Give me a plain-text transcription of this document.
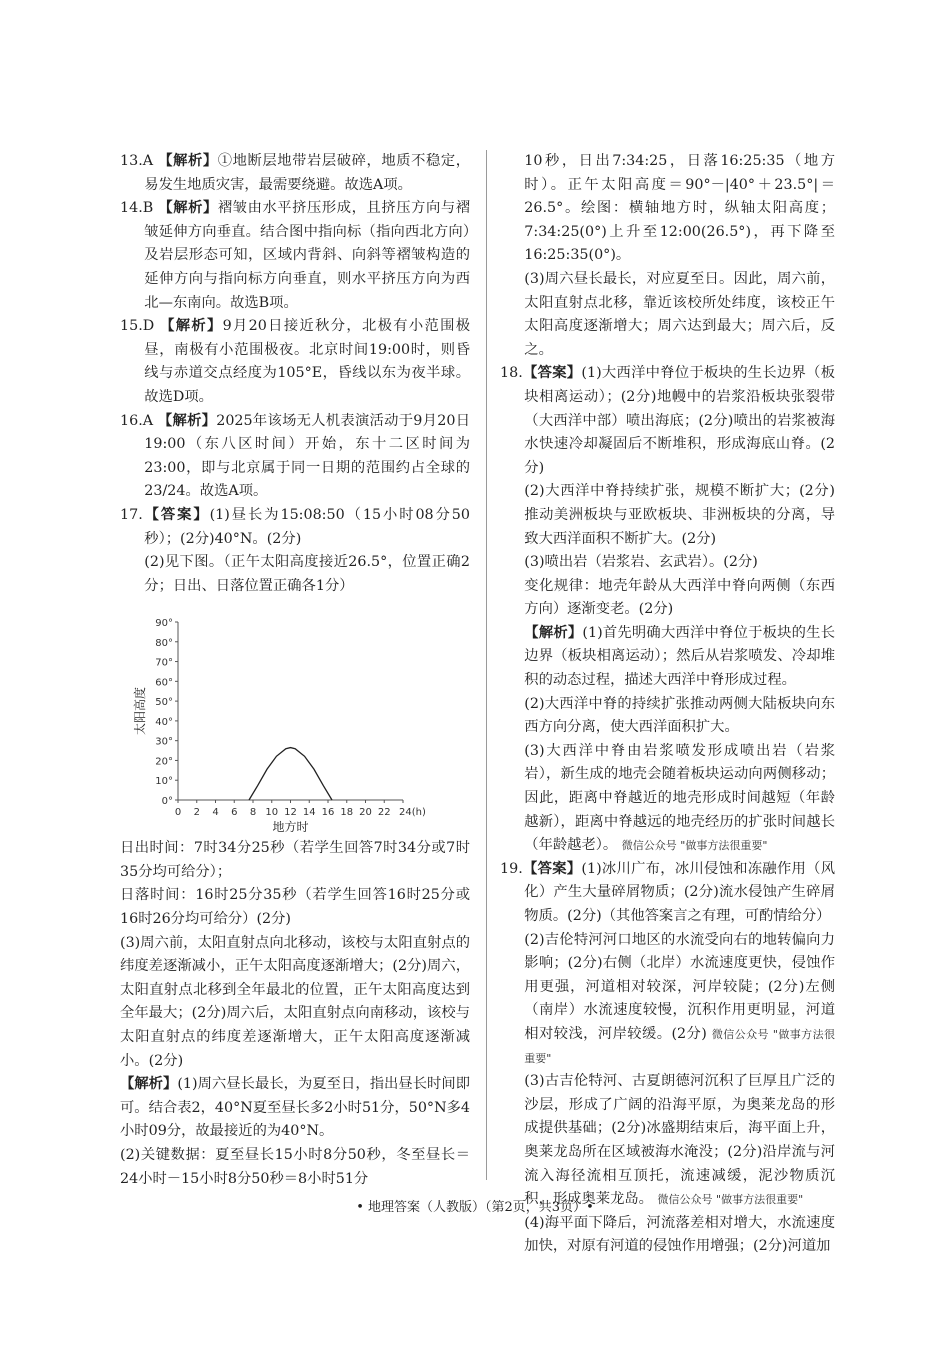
13.A 【解析】①地断层地带岩层破碎，地质不稳定，易发生地质灾害，最需要绕避。故选A项。

14.B 【解析】褶皱由水平挤压形成，且挤压方向与褶皱延伸方向垂直。结合图中指向标（指向西北方向）及岩层形态可知，区域内背斜、向斜等褶皱构造的延伸方向与指向标方向垂直，则水平挤压方向为西北—东南向。故选B项。

15.D 【解析】9月20日接近秋分，北极有小范围极昼，南极有小范围极夜。北京时间19:00时，则昏线与赤道交点经度为105°E，昏线以东为夜半球。故选D项。

16.A 【解析】2025年该场无人机表演活动于9月20日19:00（东八区时间）开始，东十二区时间为23:00，即与北京属于同一日期的范围约占全球的23/24。故选A项。

17.【答案】(1)昼长为15:08:50（15小时08分50秒）；(2分)40°N。(2分)

(2)见下图。（正午太阳高度接近26.5°，位置正确2分；日出、日落位置正确各1分）

0°
10°
20°
30°
40°
50°
60°
70°
80°
90°
0 2 4 6 8 10 12 14 16 18 20 22 24(h)
地方时
太阳高度

日出时间：7时34分25秒（若学生回答7时34分或7时35分均可给分）；

日落时间：16时25分35秒（若学生回答16时25分或16时26分均可给分）(2分)

(3)周六前，太阳直射点向北移动，该校与太阳直射点的纬度差逐渐减小，正午太阳高度逐渐增大；(2分)周六，太阳直射点北移到全年最北的位置，正午太阳高度达到全年最大；(2分)周六后，太阳直射点向南移动，该校与太阳直射点的纬度差逐渐增大，正午太阳高度逐渐减小。(2分)

【解析】(1)周六昼长最长，为夏至日，指出昼长时间即可。结合表2，40°N夏至昼长多2小时51分，50°N多4小时09分，故最接近的为40°N。

(2)关键数据：夏至昼长15小时8分50秒，冬至昼长＝24小时－15小时8分50秒＝8小时51分

10秒，日出7:34:25，日落16:25:35（地方时）。正午太阳高度＝90°－|40°＋23.5°|＝26.5°。绘图：横轴地方时，纵轴太阳高度；7:34:25(0°)上升至12:00(26.5°)，再下降至16:25:35(0°)。

(3)周六昼长最长，对应夏至日。因此，周六前，太阳直射点北移，靠近该校所处纬度，该校正午太阳高度逐渐增大；周六达到最大；周六后，反之。

18.【答案】(1)大西洋中脊位于板块的生长边界（板块相离运动）；(2分)地幔中的岩浆沿板块张裂带（大西洋中部）喷出海底；(2分)喷出的岩浆被海水快速冷却凝固后不断堆积，形成海底山脊。(2分)

(2)大西洋中脊持续扩张，规模不断扩大；(2分)推动美洲板块与亚欧板块、非洲板块的分离，导致大西洋面积不断扩大。(2分)

(3)喷出岩（岩浆岩、玄武岩）。(2分)

变化规律：地壳年龄从大西洋中脊向两侧（东西方向）逐渐变老。(2分)

【解析】(1)首先明确大西洋中脊位于板块的生长边界（板块相离运动）；然后从岩浆喷发、冷却堆积的动态过程，描述大西洋中脊形成过程。

(2)大西洋中脊的持续扩张推动两侧大陆板块向东西方向分离，使大西洋面积扩大。

(3)大西洋中脊由岩浆喷发形成喷出岩（岩浆岩），新生成的地壳会随着板块运动向两侧移动；因此，距离中脊越近的地壳形成时间越短（年龄越新），距离中脊越远的地壳经历的扩张时间越长（年龄越老）。 微信公众号 "做事方法很重要"

19.【答案】(1)冰川广布，冰川侵蚀和冻融作用（风化）产生大量碎屑物质；(2分)流水侵蚀产生碎屑物质。(2分)（其他答案言之有理，可酌情给分）

(2)吉伦特河河口地区的水流受向右的地转偏向力影响；(2分)右侧（北岸）水流速度更快，侵蚀作用更强，河道相对较深，河岸较陡；(2分)左侧（南岸）水流速度较慢，沉积作用更明显，河道相对较浅，河岸较缓。(2分) 微信公众号 "做事方法很重要"

(3)古吉伦特河、古夏朗德河沉积了巨厚且广泛的沙层，形成了广阔的沿海平原，为奥莱龙岛的形成提供基础；(2分)冰盛期结束后，海平面上升，奥莱龙岛所在区域被海水淹没；(2分)沿岸流与河流入海径流相互顶托，流速减缓，泥沙物质沉积，形成奥莱龙岛。 微信公众号 "做事方法很重要"

(4)海平面下降后，河流落差相对增大，水流速度加快，对原有河道的侵蚀作用增强；(2分)河道加

• 地理答案（人教版）（第2页，共3页）•
